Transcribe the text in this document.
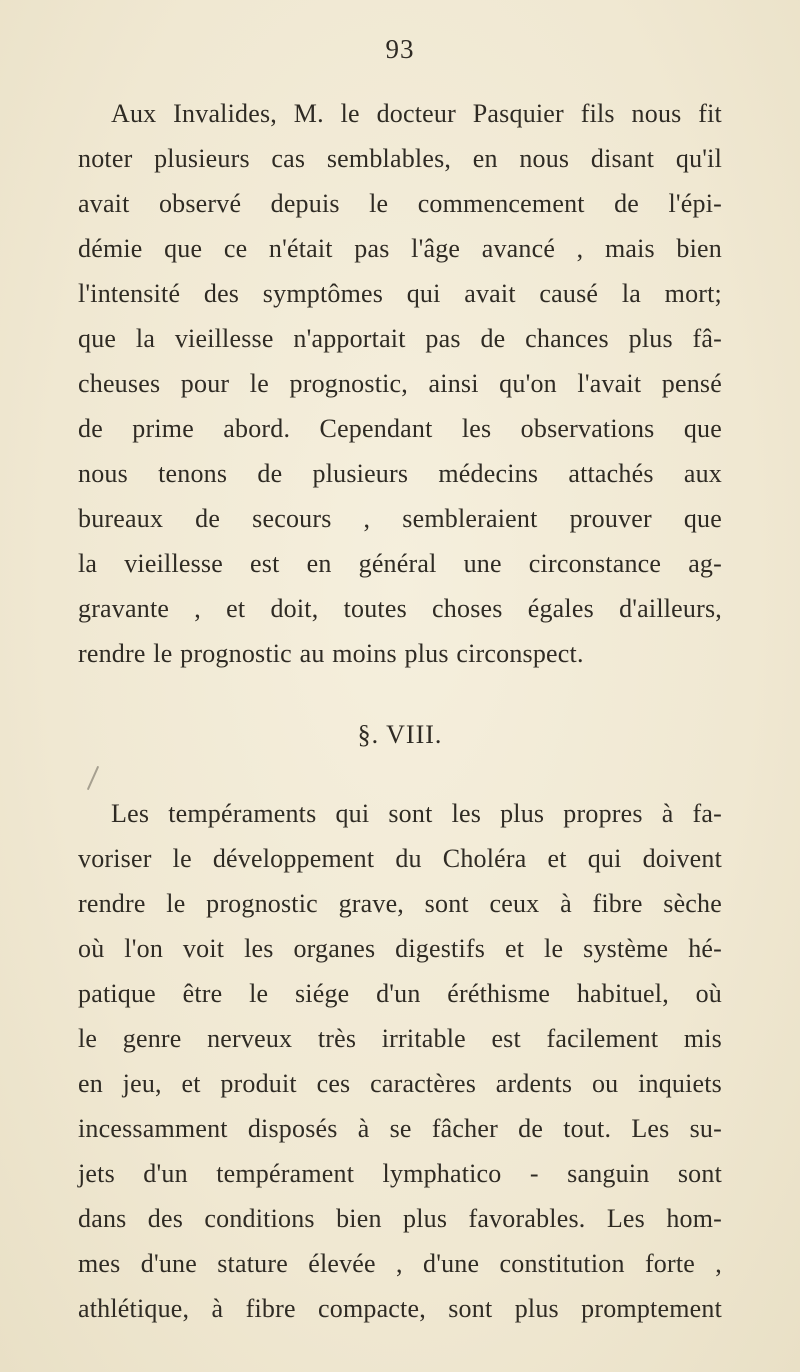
93
Aux Invalides, M. le docteur Pasquier fils nous fit
noter plusieurs cas semblables, en nous disant qu'il
avait observé depuis le commencement de l'épi-
démie que ce n'était pas l'âge avancé , mais bien
l'intensité des symptômes qui avait causé la mort;
que la vieillesse n'apportait pas de chances plus fâ-
cheuses pour le prognostic, ainsi qu'on l'avait pensé
de prime abord. Cependant les observations que
nous tenons de plusieurs médecins attachés aux
bureaux de secours , sembleraient prouver que
la vieillesse est en général une circonstance ag-
gravante , et doit, toutes choses égales d'ailleurs,
rendre le prognostic au moins plus circonspect.
§. VIII.
Les tempéraments qui sont les plus propres à fa-
voriser le développement du Choléra et qui doivent
rendre le prognostic grave, sont ceux à fibre sèche
où l'on voit les organes digestifs et le système hé-
patique être le siége d'un éréthisme habituel, où
le genre nerveux très irritable est facilement mis
en jeu, et produit ces caractères ardents ou inquiets
incessamment disposés à se fâcher de tout. Les su-
jets d'un tempérament lymphatico - sanguin sont
dans des conditions bien plus favorables. Les hom-
mes d'une stature élevée , d'une constitution forte ,
athlétique, à fibre compacte, sont plus promptement
